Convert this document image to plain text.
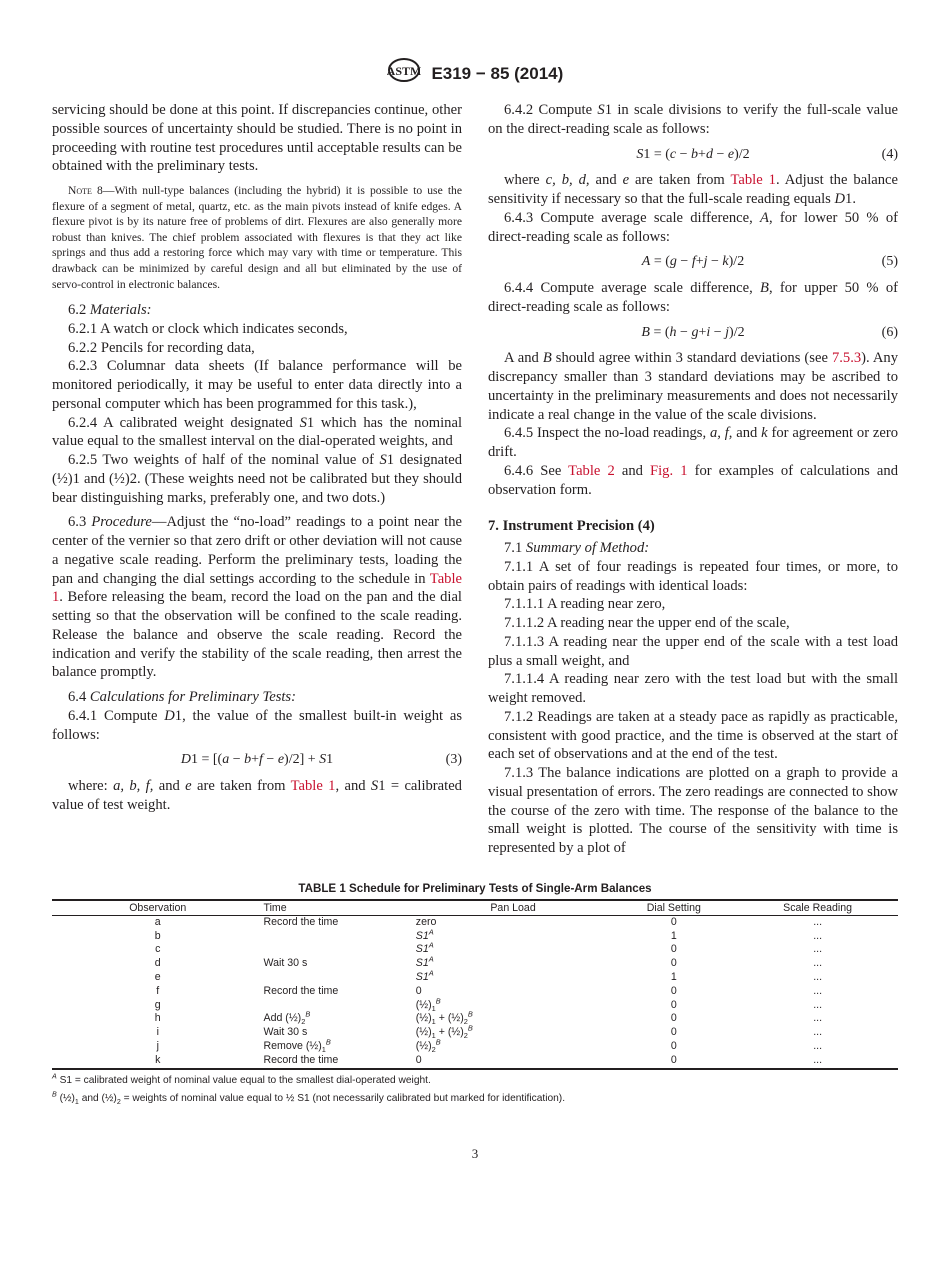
ASTM E319 − 85 (2014)
servicing should be done at this point. If discrepancies continue, other possible sources of uncertainty should be studied. There is no point in proceeding with routine test procedures until acceptable results can be obtained with the preliminary tests.
Note 8—With null-type balances (including the hybrid) it is possible to use the flexure of a segment of metal, quartz, etc. as the main pivots instead of knife edges. A flexure pivot is by its nature free of problems of dirt. Flexures are also generally more robust than knives. The chief problem associated with flexures is that they act like springs and thus add a restoring force which may vary with time or temperature. This drawback can be minimized by careful design and all but eliminated by the use of servo-control in electronic balances.
6.2 Materials:
6.2.1 A watch or clock which indicates seconds,
6.2.2 Pencils for recording data,
6.2.3 Columnar data sheets (If balance performance will be monitored periodically, it may be useful to enter data directly into a personal computer which has been programmed for this task.),
6.2.4 A calibrated weight designated S1 which has the nominal value equal to the smallest interval on the dial-operated weights, and
6.2.5 Two weights of half of the nominal value of S1 designated (½)1 and (½)2. (These weights need not be calibrated but they should bear distinguishing marks, preferably one, and two dots.)
6.3 Procedure—Adjust the “no-load” readings to a point near the center of the vernier so that zero drift or other deviation will not cause a negative scale reading. Perform the preliminary tests, loading the pan and changing the dial settings according to the schedule in Table 1. Before releasing the beam, record the load on the pan and the dial setting so that the observation will be confined to the scale reading. Release the balance and observe the scale reading. Record the indication and verify the stability of the scale reading, then arrest the balance promptly.
6.4 Calculations for Preliminary Tests:
6.4.1 Compute D1, the value of the smallest built-in weight as follows:
D1 = [(a − b+f − e)/2] + S1	(3)
where: a, b, f, and e are taken from Table 1, and S1 = calibrated value of test weight.
6.4.2 Compute S1 in scale divisions to verify the full-scale value on the direct-reading scale as follows:
S1 = (c − b+d − e)/2	(4)
where c, b, d, and e are taken from Table 1. Adjust the balance sensitivity if necessary so that the full-scale reading equals D1.
6.4.3 Compute average scale difference, A, for lower 50 % of direct-reading scale as follows:
A = (g − f+j − k)/2	(5)
6.4.4 Compute average scale difference, B, for upper 50 % of direct-reading scale as follows:
B = (h − g+i − j)/2	(6)
A and B should agree within 3 standard deviations (see 7.5.3). Any discrepancy smaller than 3 standard deviations may be ascribed to uncertainty in the preliminary measurements and does not necessarily indicate a real change in the value of the scale divisions.
6.4.5 Inspect the no-load readings, a, f, and k for agreement or zero drift.
6.4.6 See Table 2 and Fig. 1 for examples of calculations and observation form.
7. Instrument Precision (4)
7.1 Summary of Method:
7.1.1 A set of four readings is repeated four times, or more, to obtain pairs of readings with identical loads:
7.1.1.1 A reading near zero,
7.1.1.2 A reading near the upper end of the scale,
7.1.1.3 A reading near the upper end of the scale with a test load plus a small weight, and
7.1.1.4 A reading near zero with the test load but with the small weight removed.
7.1.2 Readings are taken at a steady pace as rapidly as practicable, consistent with good practice, and the time is observed at the start of each set of observations and at the end of the test.
7.1.3 The balance indications are plotted on a graph to provide a visual presentation of errors. The zero readings are connected to show the course of the zero with time. The response of the balance to the small weight is plotted. The course of the sensitivity with time is represented by a plot of
TABLE 1 Schedule for Preliminary Tests of Single-Arm Balances
Observation	Time	Pan Load	Dial Setting	Scale Reading
a	Record the time	zero	0	...
b		$S1^A$	1	...
c		$S1^A$	0	...
d	Wait 30 s	$S1^A$	0	...
e		$S1^A$	1	...
f	Record the time	0	0	...
g		$(\frac{1}{2})_1^B$	0	...
h	Add $(\frac{1}{2})_2^B$	$(\frac{1}{2})_1$ + $(\frac{1}{2})_2^B$	0	...
i	Wait 30 s	$(\frac{1}{2})_1$ + $(\frac{1}{2})_2^B$	0	...
j	Remove $(\frac{1}{2})_1^B$	$(\frac{1}{2})_2^B$	0	...
k	Record the time	0	0	...
$^A$ S1 = calibrated weight of nominal value equal to the smallest dial-operated weight.
$^B$ $(\frac{1}{2})_1$ and $(\frac{1}{2})_2$ = weights of nominal value equal to ½ S1 (not necessarily calibrated but marked for identification).
3
